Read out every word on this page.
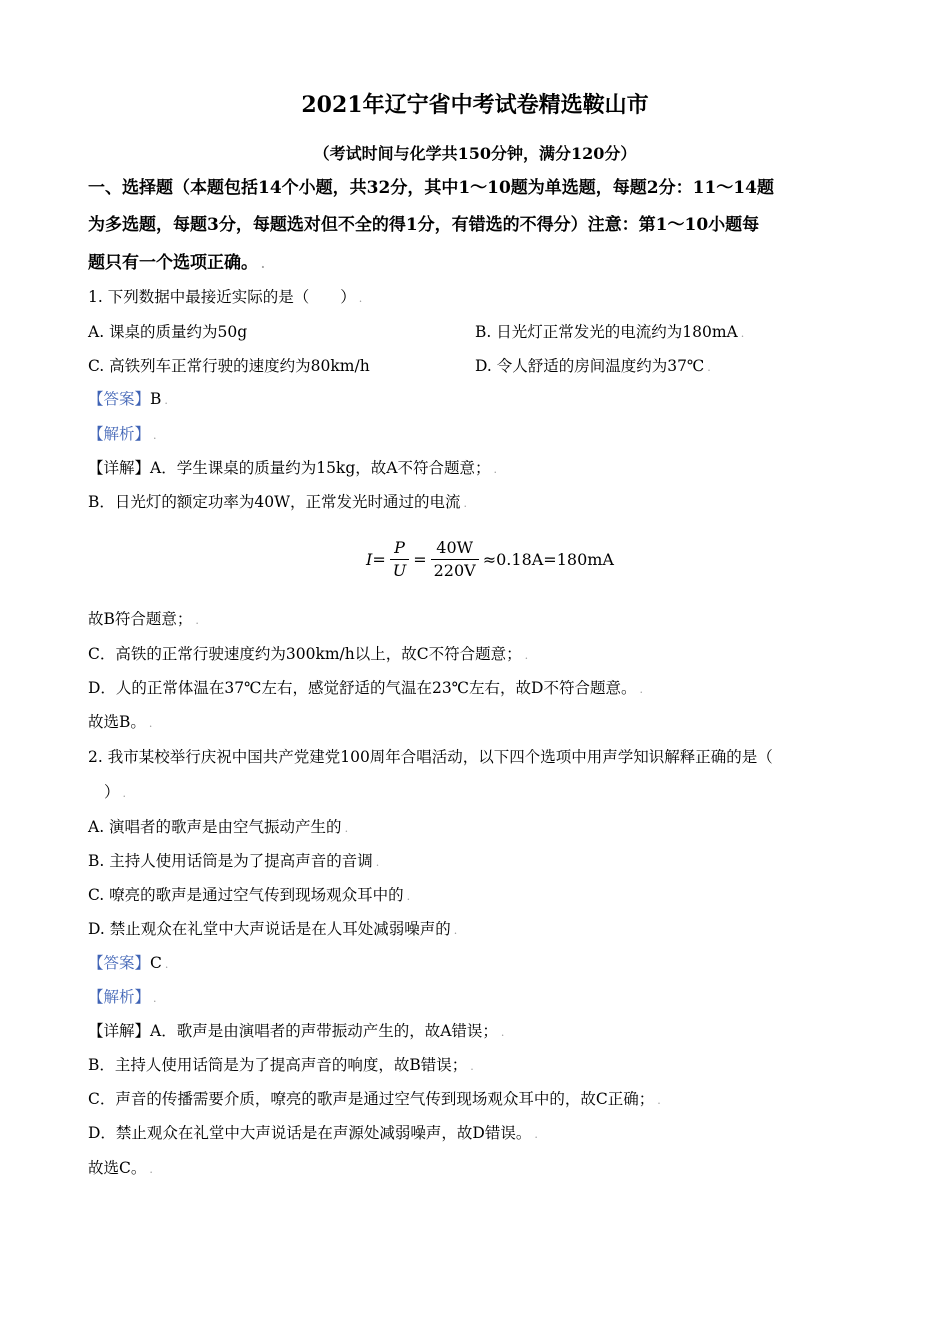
2021年辽宁省中考试卷精选鞍山市
（考试时间与化学共150分钟，满分120分）
一、选择题（本题包括14个小题，共32分，其中1～10题为单选题，每题2分：11～14题
为多选题，每题3分，每题选对但不全的得1分，有错选的不得分）注意：第1～10小题每
题只有一个选项正确。 .
1. 下列数据中最接近实际的是（　　） .
A. 课桌的质量约为50g	B. 日光灯正常发光的电流约为180mA .
C. 高铁列车正常行驶的速度约为80km/h	D. 令人舒适的房间温度约为37℃ .
【答案】B .
【解析】 .
【详解】A．学生课桌的质量约为15kg，故A不符合题意； .
B．日光灯的额定功率为40W，正常发光时通过的电流 .
$I= \frac{P}{U} = \frac{40W}{220V} \approx 0.18A=180mA$
故B符合题意； .
C．高铁的正常行驶速度约为300km/h以上，故C不符合题意； .
D．人的正常体温在37℃左右，感觉舒适的气温在23℃左右，故D不符合题意。 .
故选B。 .
2. 我市某校举行庆祝中国共产党建党100周年合唱活动，以下四个选项中用声学知识解释正确的是（
） .
A. 演唱者的歌声是由空气振动产生的 .
B. 主持人使用话筒是为了提高声音的音调 .
C. 嘹亮的歌声是通过空气传到现场观众耳中的 .
D. 禁止观众在礼堂中大声说话是在人耳处减弱噪声的 .
【答案】C .
【解析】 .
【详解】A．歌声是由演唱者的声带振动产生的，故A错误； .
B．主持人使用话筒是为了提高声音的响度，故B错误； .
C．声音的传播需要介质，嘹亮的歌声是通过空气传到现场观众耳中的，故C正确； .
D．禁止观众在礼堂中大声说话是在声源处减弱噪声，故D错误。 .
故选C。 .
